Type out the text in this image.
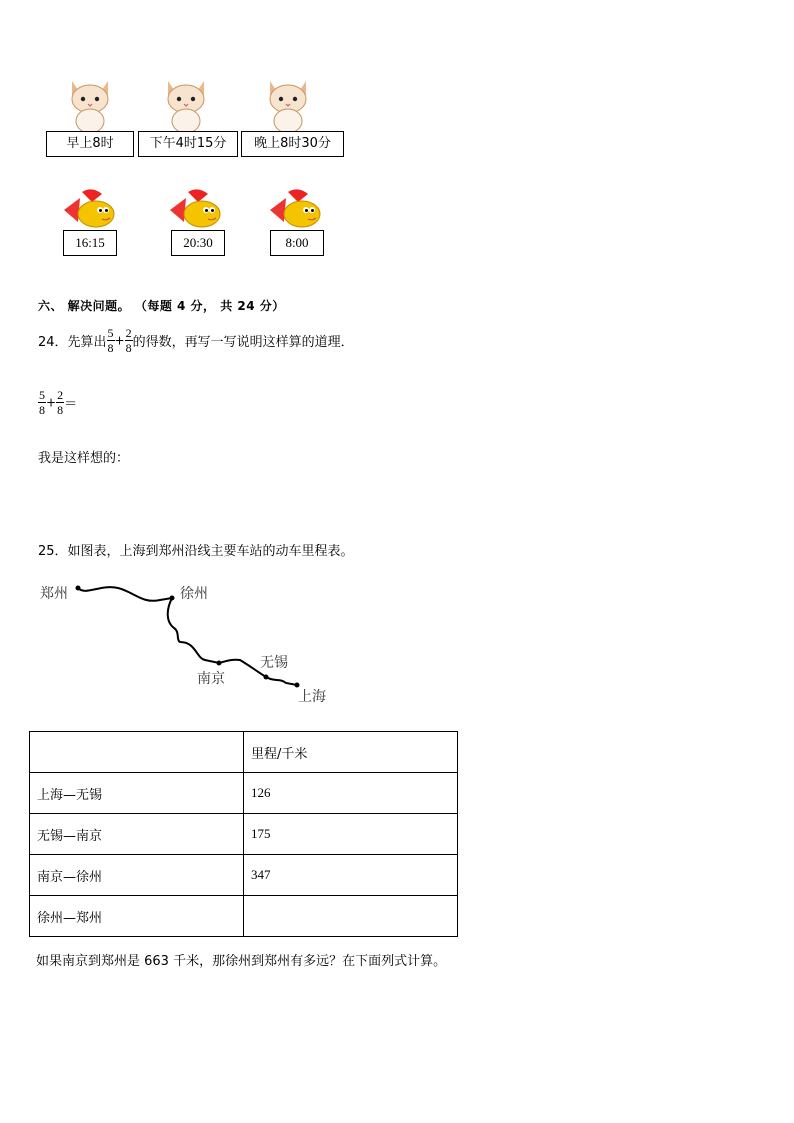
早上8时	下午4时15分	晚上8时30分
16:15	20:30	8:00
六、 解决问题。 （每题 4 分， 共 24 分）
24．先算出 $\frac{5}{8} + \frac{2}{8}$ 的得数，再写一写说明这样算的道理．
$\frac{5}{8} + \frac{2}{8}$ ＝
我是这样想的：
25．如图表，上海到郑州沿线主要车站的动车里程表。
郑州	徐州
无锡
南京
上海
	里程/千米
上海—无锡	126
无锡—南京	175
南京—徐州	347
徐州—郑州	
如果南京到郑州是 663 千米，那徐州到郑州有多远？在下面列式计算。
